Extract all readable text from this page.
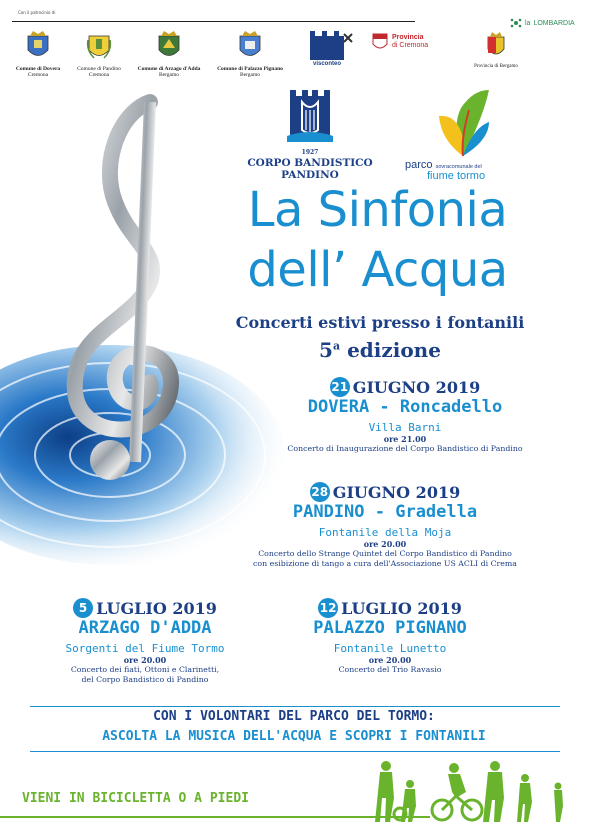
Con il patrocinio di
la LOMBARDIA
Comune di Dovera
Cremona
Comune di Pandino
Cremona
Comune di Arzago d'Adda
Bergamo
Comune di Palazzo Pignano
Bergamo
visconteo
Provincia
di Cremona
Provincia di Bergamo
1927
CORPO BANDISTICO
PANDINO
parco sovracomunale del
fiume tormo
La Sinfonia
dell’ Acqua
Concerti estivi presso i fontanili
5$^a$ edizione
21 GIUGNO 2019
DOVERA - Roncadello
Villa Barni
ore 21.00
Concerto di Inaugurazione del Corpo Bandistico di Pandino
28 GIUGNO 2019
PANDINO - Gradella
Fontanile della Moja
ore 20.00
Concerto dello Strange Quintet del Corpo Bandistico di Pandino
con esibizione di tango a cura dell'Associazione US ACLI di Crema
5 LUGLIO 2019
ARZAGO D'ADDA
Sorgenti del Fiume Tormo
ore 20.00
Concerto dei fiati, Ottoni e Clarinetti,
del Corpo Bandistico di Pandino
12 LUGLIO 2019
PALAZZO PIGNANO
Fontanile Lunetto
ore 20.00
Concerto del Trio Ravasio
CON I VOLONTARI DEL PARCO DEL TORMO:
ASCOLTA LA MUSICA DELL'ACQUA E SCOPRI I FONTANILI
VIENI IN BICICLETTA O A PIEDI
